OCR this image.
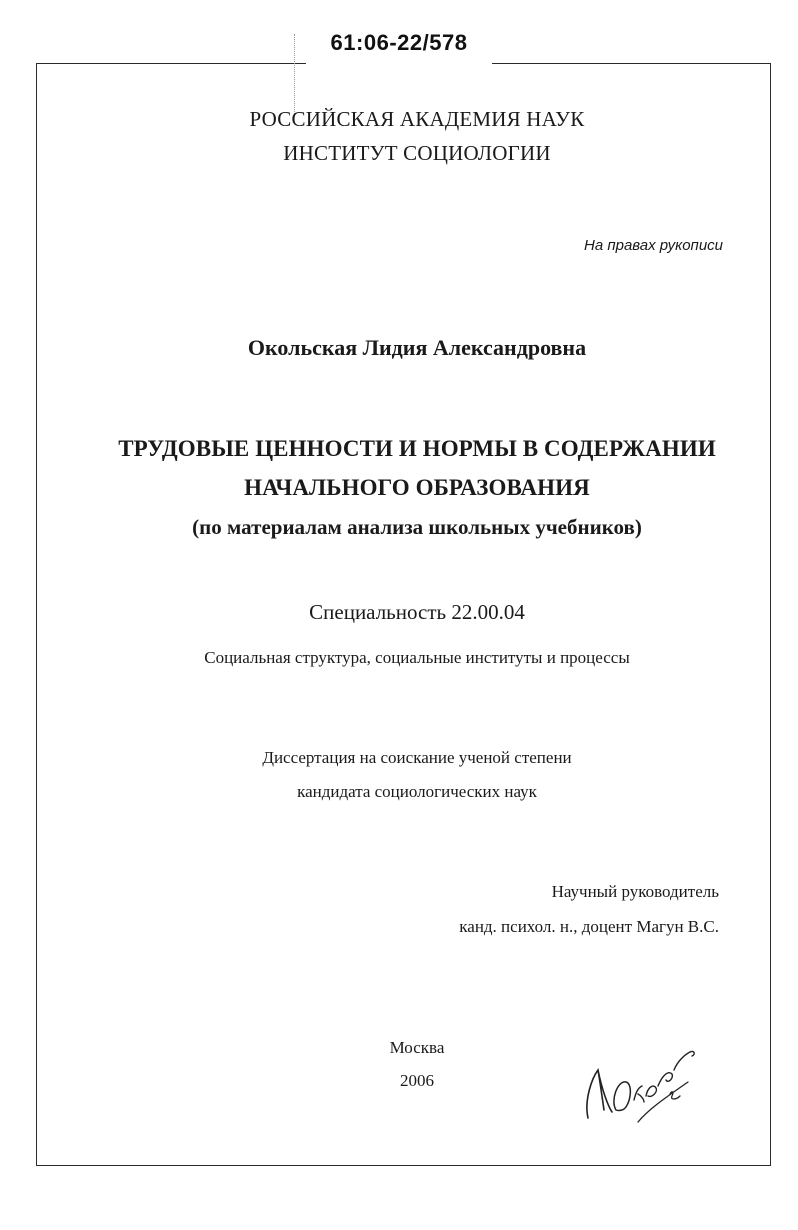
61:06-22/578
РОССИЙСКАЯ АКАДЕМИЯ НАУК
ИНСТИТУТ СОЦИОЛОГИИ
На правах рукописи
Окольская Лидия Александровна
ТРУДОВЫЕ ЦЕННОСТИ И НОРМЫ В СОДЕРЖАНИИ
НАЧАЛЬНОГО ОБРАЗОВАНИЯ
(по материалам анализа школьных учебников)
Специальность 22.00.04
Социальная структура, социальные институты и процессы
Диссертация на соискание ученой степени
кандидата социологических наук
Научный руководитель
канд. психол. н., доцент Магун В.С.
Москва
2006
